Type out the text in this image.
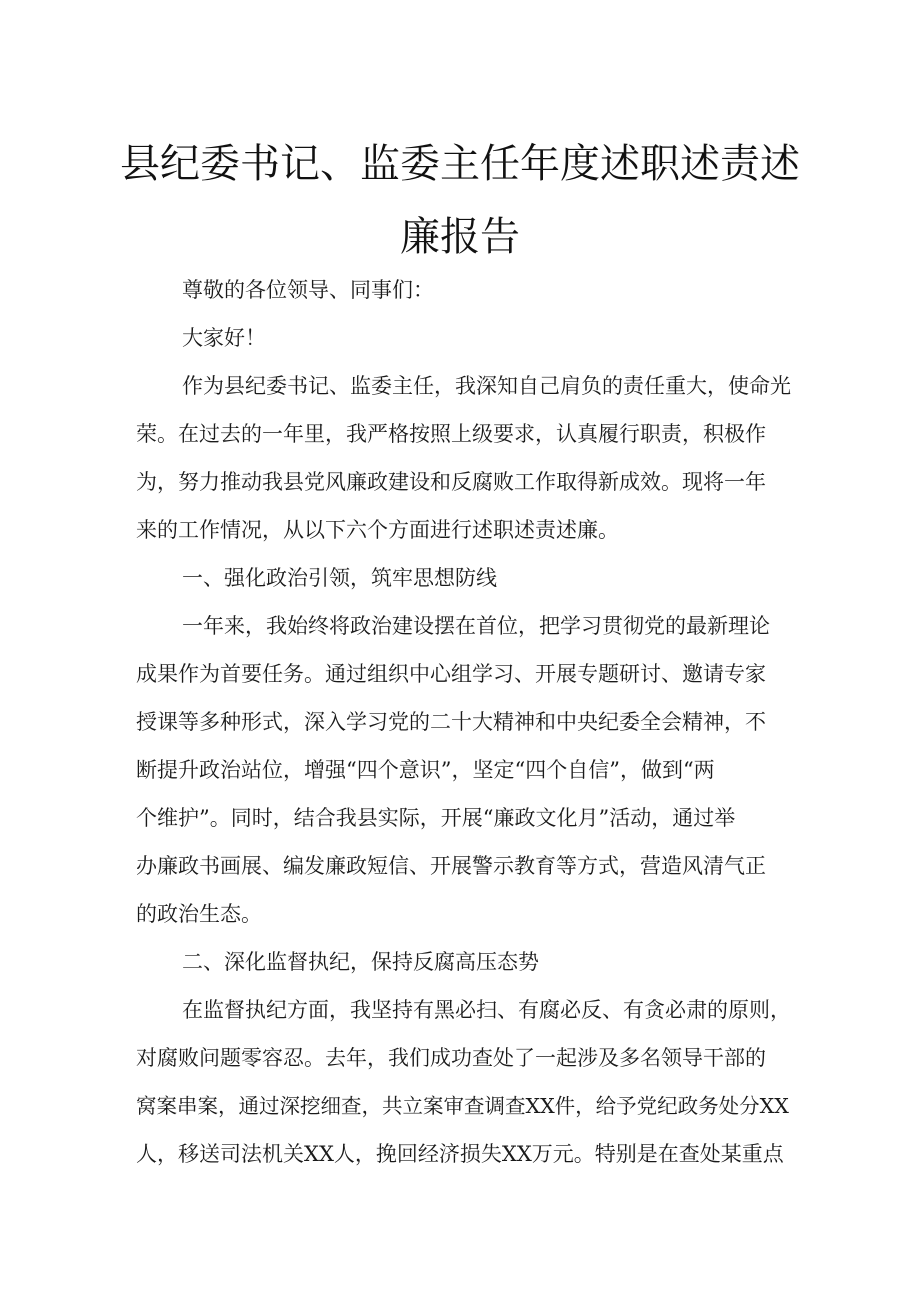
县纪委书记、监委主任年度述职述责述
廉报告

尊敬的各位领导、同事们：

大家好！

作为县纪委书记、监委主任，我深知自己肩负的责任重大，使命光

荣。在过去的一年里，我严格按照上级要求，认真履行职责，积极作

为，努力推动我县党风廉政建设和反腐败工作取得新成效。现将一年

来的工作情况，从以下六个方面进行述职述责述廉。

一、强化政治引领，筑牢思想防线

一年来，我始终将政治建设摆在首位，把学习贯彻党的最新理论

成果作为首要任务。通过组织中心组学习、开展专题研讨、邀请专家

授课等多种形式，深入学习党的二十大精神和中央纪委全会精神，不

断提升政治站位，增强“四个意识”，坚定“四个自信”，做到“两

个维护”。同时，结合我县实际，开展“廉政文化月”活动，通过举

办廉政书画展、编发廉政短信、开展警示教育等方式，营造风清气正

的政治生态。

二、深化监督执纪，保持反腐高压态势

在监督执纪方面，我坚持有黑必扫、有腐必反、有贪必肃的原则，

对腐败问题零容忍。去年，我们成功查处了一起涉及多名领导干部的

窝案串案，通过深挖细查，共立案审查调查XX件，给予党纪政务处分XX

人，移送司法机关XX人，挽回经济损失XX万元。特别是在查处某重点
